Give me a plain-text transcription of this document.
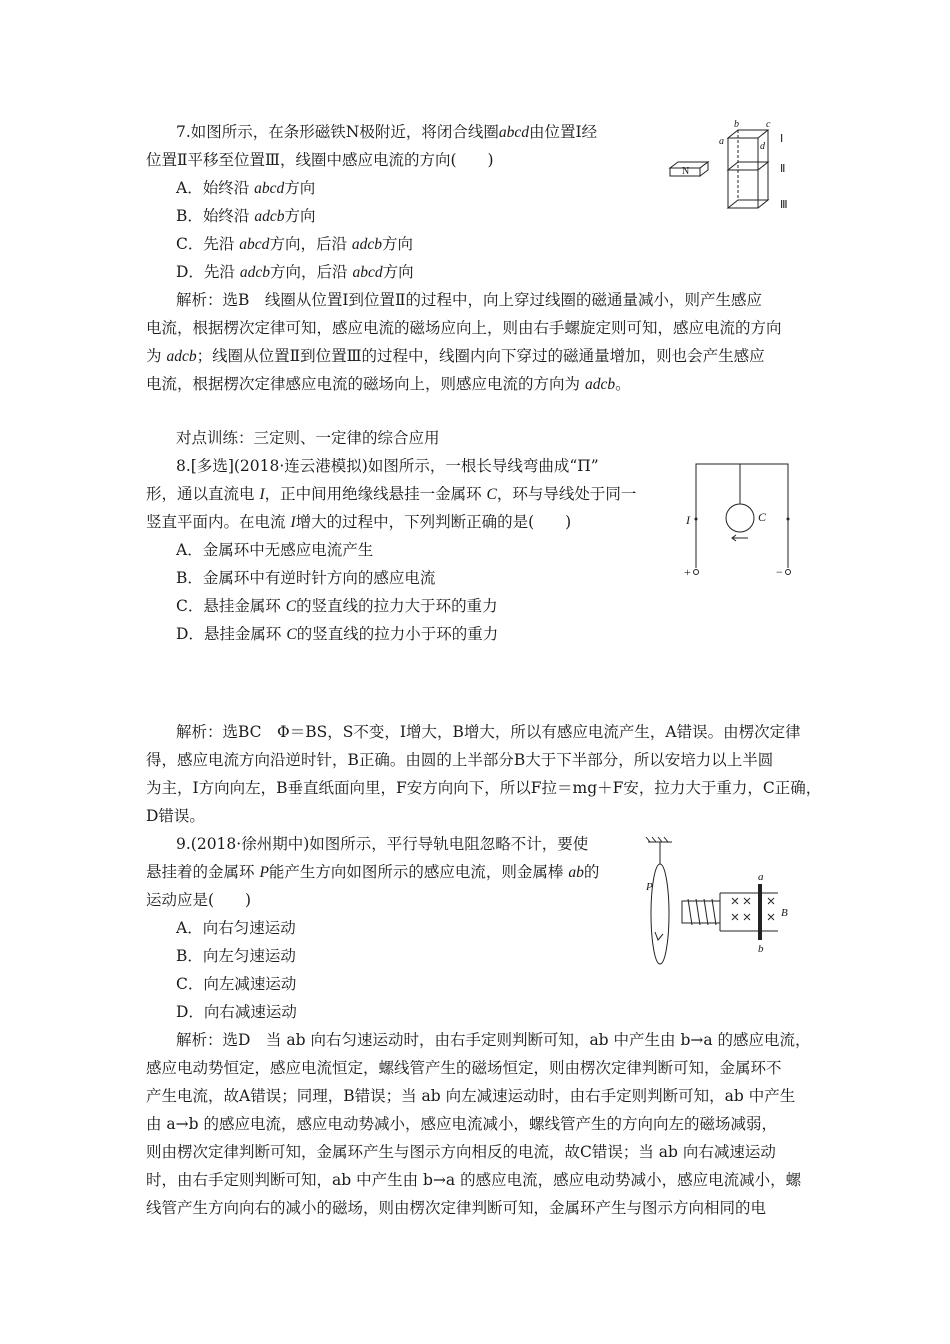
7.如图所示，在条形磁铁N极附近，将闭合线圈abcd由位置Ⅰ经
位置Ⅱ平移至位置Ⅲ，线圈中感应电流的方向(　　)
A．始终沿 abcd方向
B．始终沿 adcb方向
C．先沿 abcd方向，后沿 adcb方向
D．先沿 adcb方向，后沿 abcd方向
解析：选B　线圈从位置Ⅰ到位置Ⅱ的过程中，向上穿过线圈的磁通量减小，则产生感应
电流，根据楞次定律可知，感应电流的磁场应向上，则由右手螺旋定则可知，感应电流的方向
为 adcb；线圈从位置Ⅱ到位置Ⅲ的过程中，线圈内向下穿过的磁通量增加，则也会产生感应
电流，根据楞次定律感应电流的磁场向上，则感应电流的方向为 adcb。
N
a
b	c
d
Ⅰ
Ⅱ
Ⅲ
对点训练：三定则、一定律的综合应用
8.[多选](2018·连云港模拟)如图所示，一根长导线弯曲成“Π”
形，通以直流电 I，正中间用绝缘线悬挂一金属环 C，环与导线处于同一
竖直平面内。在电流 I增大的过程中，下列判断正确的是(　　)
A．金属环中无感应电流产生
B．金属环中有逆时针方向的感应电流
C．悬挂金属环 C的竖直线的拉力大于环的重力
D．悬挂金属环 C的竖直线的拉力小于环的重力
I	C
+	−
解析：选BC　Φ＝BS，S不变，I增大，B增大，所以有感应电流产生，A错误。由楞次定律
得，感应电流方向沿逆时针，B正确。由圆的上半部分B大于下半部分，所以安培力以上半圆
为主，I方向向左，B垂直纸面向里，F安方向向下，所以F拉＝mg＋F安，拉力大于重力，C正确，
D错误。
9.(2018·徐州期中)如图所示，平行导轨电阻忽略不计，要使
悬挂着的金属环 P能产生方向如图所示的感应电流，则金属棒 ab的
运动应是(　　)
A．向右匀速运动
B．向左匀速运动
C．向左减速运动
D．向右减速运动
P
a
b
B
解析：选D　当 ab 向右匀速运动时，由右手定则判断可知，ab 中产生由 b→a 的感应电流，
感应电动势恒定，感应电流恒定，螺线管产生的磁场恒定，则由楞次定律判断可知，金属环不
产生电流，故A错误；同理，B错误；当 ab 向左减速运动时，由右手定则判断可知，ab 中产生
由 a→b 的感应电流，感应电动势减小，感应电流减小，螺线管产生的方向向左的磁场减弱，
则由楞次定律判断可知，金属环产生与图示方向相反的电流，故C错误；当 ab 向右减速运动
时，由右手定则判断可知，ab 中产生由 b→a 的感应电流，感应电动势减小，感应电流减小，螺
线管产生方向向右的减小的磁场，则由楞次定律判断可知，金属环产生与图示方向相同的电
